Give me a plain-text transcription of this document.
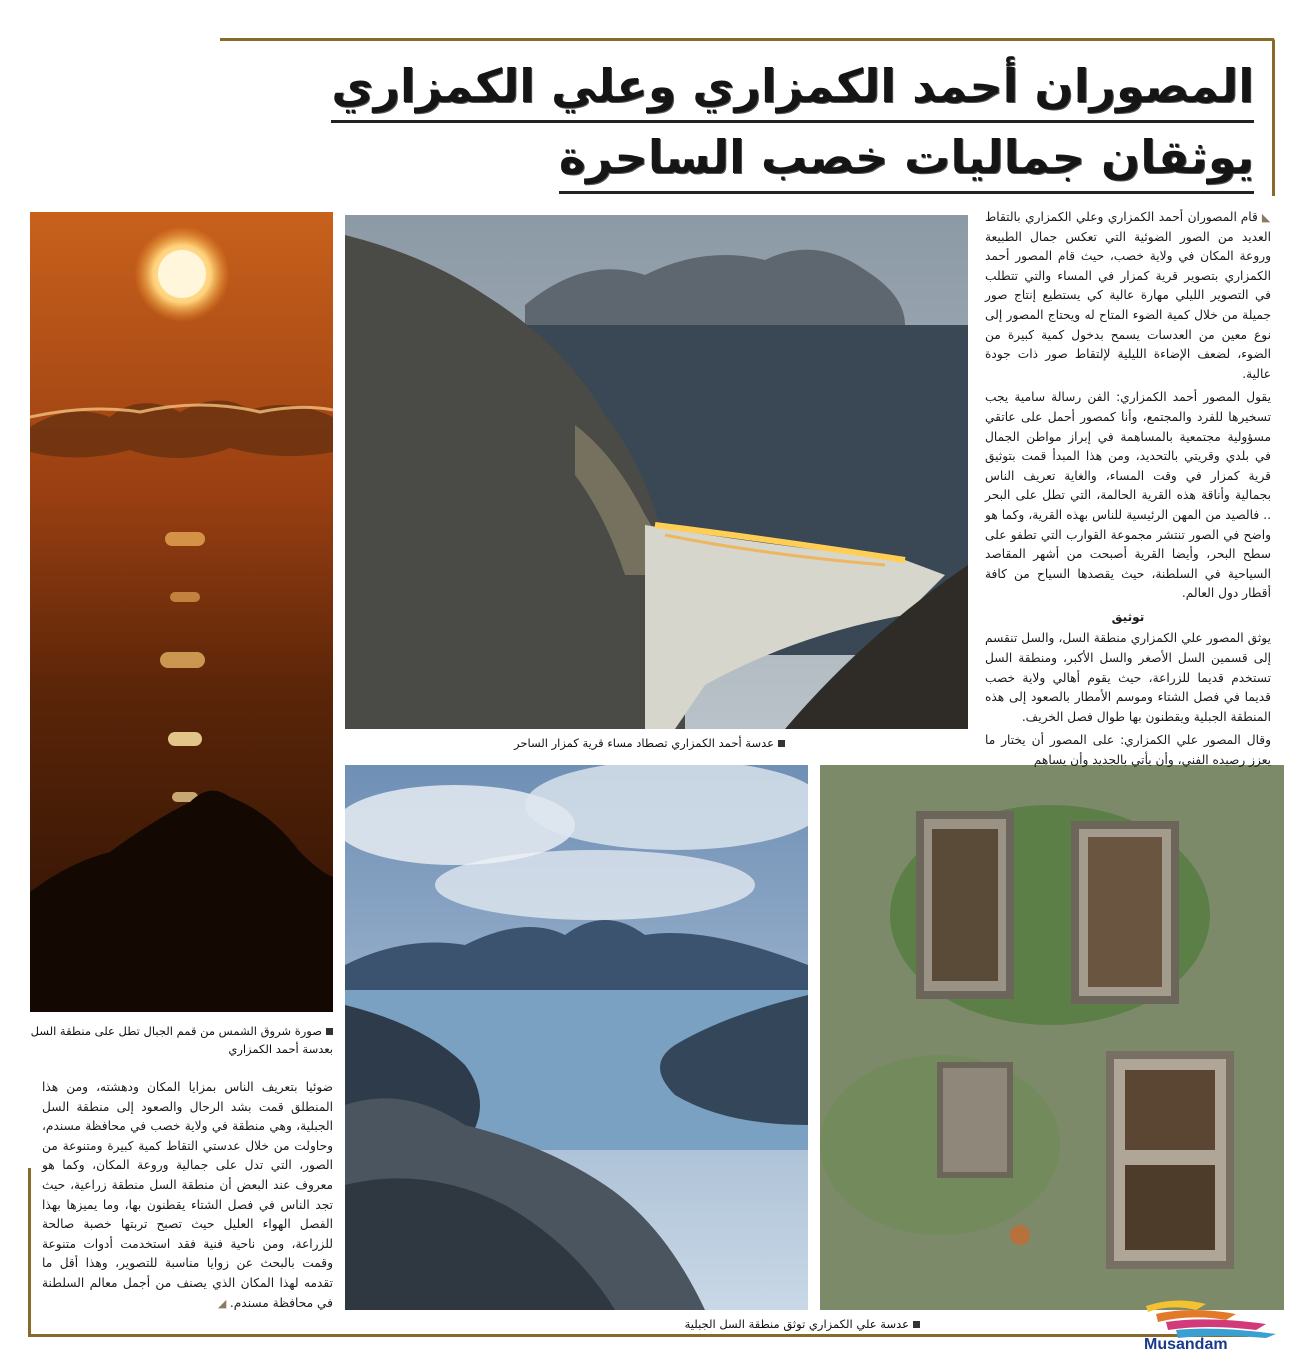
المصوران أحمد الكمزاري وعلي الكمزاري
يوثقان جماليات خصب الساحرة
صورة شروق الشمس من قمم الجبال تطل على منطقة السل بعدسة أحمد الكمزاري
عدسة أحمد الكمزاري تصطاد مساء قرية كمزار الساحر
عدسة علي الكمزاري توثق منطقة السل الجبلية

◣ قام المصوران أحمد الكمزاري وعلي الكمزاري بالتقاط العديد من الصور الضوئية التي تعكس جمال الطبيعة وروعة المكان في ولاية خصب، حيث قام المصور أحمد الكمزاري بتصوير قرية كمزار في المساء والتي تتطلب في التصوير الليلي مهارة عالية كي يستطيع إنتاج صور جميلة من خلال كمية الضوء المتاح له ويحتاج المصور إلى نوع معين من العدسات يسمح بدخول كمية كبيرة من الضوء، لضعف الإضاءة الليلية لإلتقاط صور ذات جودة عالية.

يقول المصور أحمد الكمزاري: الفن رسالة سامية يجب تسخيرها للفرد والمجتمع، وأنا كمصور أحمل على عاتقي مسؤولية مجتمعية بالمساهمة في إبراز مواطن الجمال في بلدي وقريتي بالتحديد، ومن هذا المبدأ قمت بتوثيق قرية كمزار في وقت المساء، والغاية تعريف الناس بجمالية وأناقة هذه القرية الحالمة، التي تطل على البحر .. فالصيد من المهن الرئيسية للناس بهذه القرية، وكما هو واضح في الصور تنتشر مجموعة القوارب التي تطفو على سطح البحر، وأيضا القرية أصبحت من أشهر المقاصد السياحية في السلطنة، حيث يقصدها السياح من كافة أقطار دول العالم.

توثيق

يوثق المصور علي الكمزاري منطقة السل، والسل تنقسم إلى قسمين السل الأصغر والسل الأكبر، ومنطقة السل تستخدم قديما للزراعة، حيث يقوم أهالي ولاية خصب قديما في فصل الشتاء وموسم الأمطار بالصعود إلى هذه المنطقة الجبلية ويقطنون بها طوال فصل الخريف.

وقال المصور علي الكمزاري: على المصور أن يختار ما يعزز رصيده الفني، وأن يأتي بالجديد وأن يساهم

ضوئيا بتعريف الناس بمزايا المكان ودهشته، ومن هذا المنطلق قمت بشد الرحال والصعود إلى منطقة السل الجبلية، وهي منطقة في ولاية خصب في محافظة مسندم، وحاولت من خلال عدستي التقاط كمية كبيرة ومتنوعة من الصور، التي تدل على جمالية وروعة المكان، وكما هو معروف عند البعض أن منطقة السل منطقة زراعية، حيث تجد الناس في فصل الشتاء يقطنون بها، وما يميزها بهذا الفصل الهواء العليل حيث تصبح تربتها خصبة صالحة للزراعة، ومن ناحية فنية فقد استخدمت أدوات متنوعة وقمت بالبحث عن زوايا مناسبة للتصوير، وهذا أقل ما تقدمه لهذا المكان الذي يصنف من أجمل معالم السلطنة في محافظة مسندم. ◢

Musandam
